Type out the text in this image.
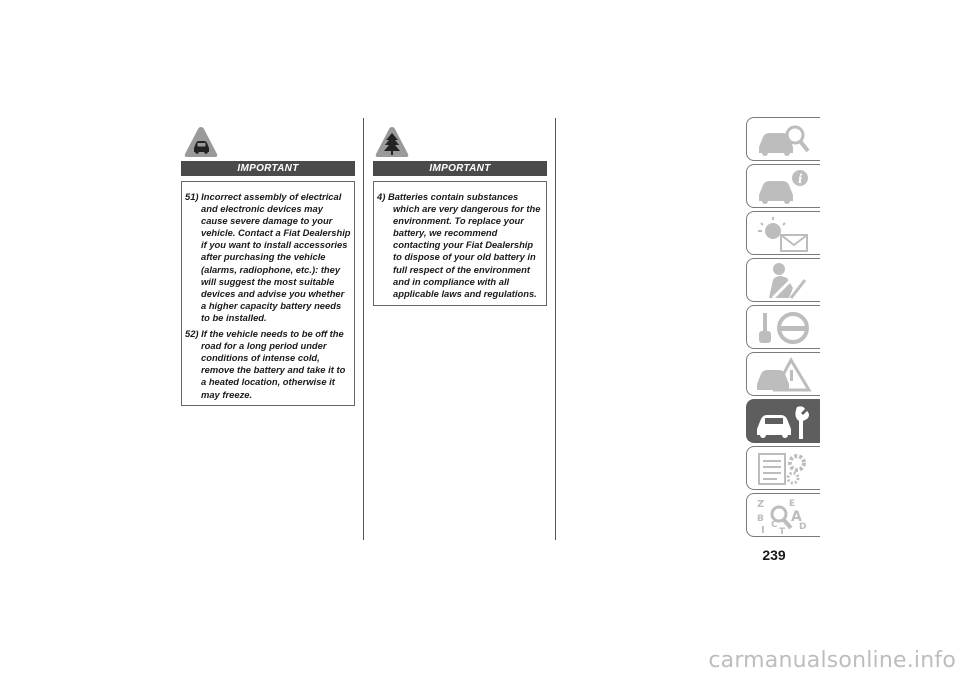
IMPORTANT

51) Incorrect assembly of electrical and electronic devices may cause severe damage to your vehicle. Contact a Fiat Dealership if you want to install accessories after purchasing the vehicle (alarms, radiophone, etc.): they will suggest the most suitable devices and advise you whether a higher capacity battery needs to be installed.

52) If the vehicle needs to be off the road for a long period under conditions of intense cold, remove the battery and take it to a heated location, otherwise it may freeze.

IMPORTANT

4) Batteries contain substances which are very dangerous for the environment. To replace your battery, we recommend contacting your Fiat Dealership to dispose of your old battery in full respect of the environment and in compliance with all applicable laws and regulations.

i
Z	E
B A
C D
I T
239
carmanualsonline.info
